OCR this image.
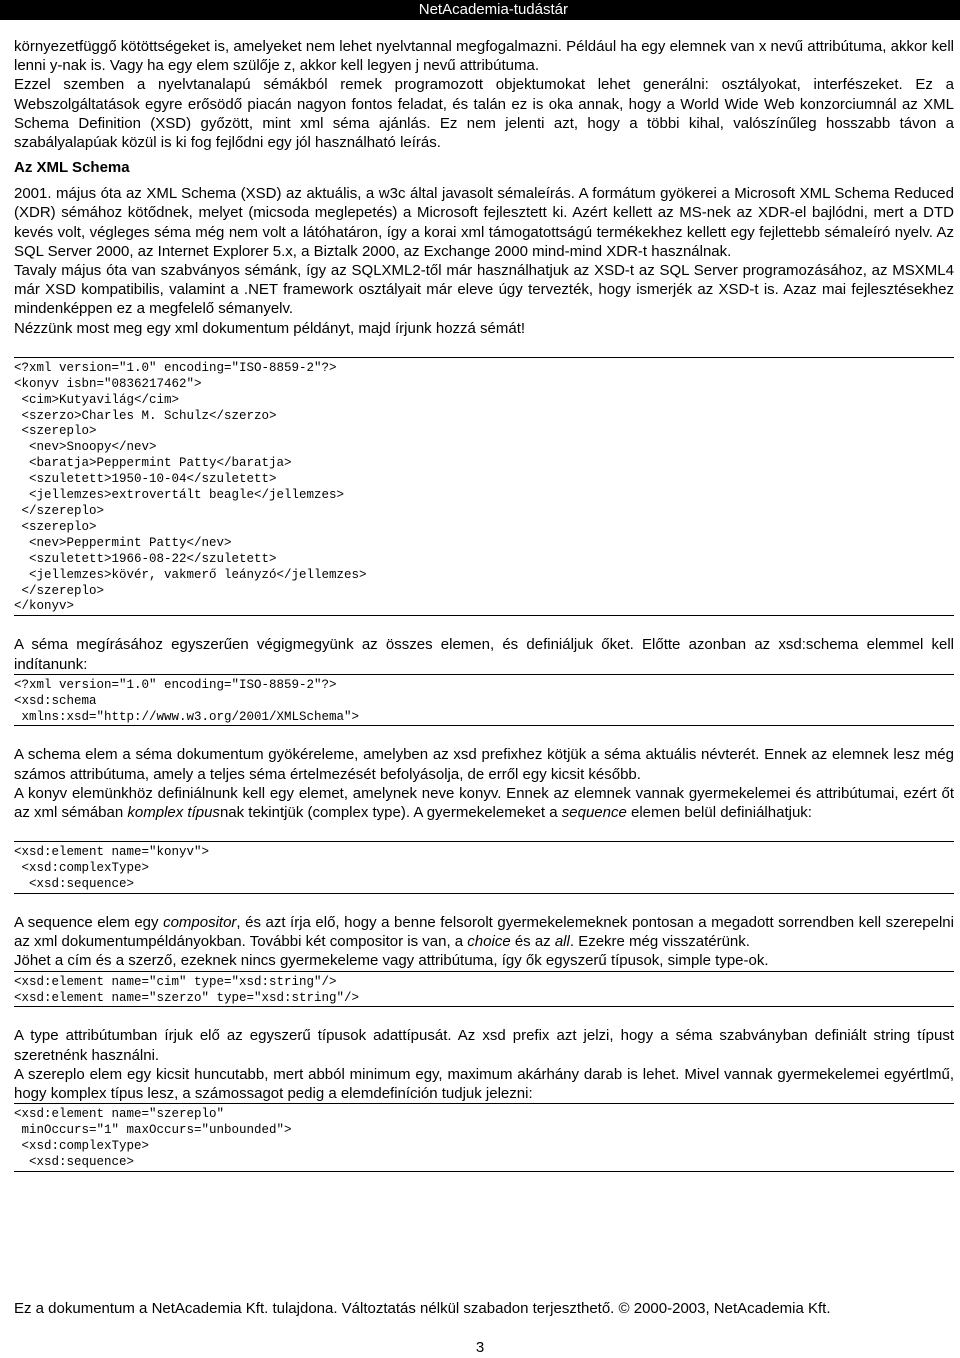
NetAcademia-tudástár

környezetfüggő kötöttségeket is, amelyeket nem lehet nyelvtannal megfogalmazni. Például ha egy elemnek van x nevű attribútuma, akkor kell lenni y-nak is. Vagy ha egy elem szülője z, akkor kell legyen j nevű attribútuma.

Ezzel szemben a nyelvtanalapú sémákból remek programozott objektumokat lehet generálni: osztályokat, interfészeket. Ez a Webszolgáltatások egyre erősödő piacán nagyon fontos feladat, és talán ez is oka annak, hogy a World Wide Web konzorciumnál az XML Schema Definition (XSD) győzött, mint xml séma ajánlás. Ez nem jelenti azt, hogy a többi kihal, valószínűleg hosszabb távon a szabályalapúak közül is ki fog fejlődni egy jól használható leírás.

Az XML Schema

2001. május óta az XML Schema (XSD) az aktuális, a w3c által javasolt sémaleírás. A formátum gyökerei a Microsoft XML Schema Reduced (XDR) sémához kötődnek, melyet (micsoda meglepetés) a Microsoft fejlesztett ki. Azért kellett az MS-nek az XDR-el bajlódni, mert a DTD kevés volt, végleges séma még nem volt a látóhatáron, így a korai xml támogatottságú termékekhez kellett egy fejlettebb sémaleíró nyelv. Az SQL Server 2000, az Internet Explorer 5.x, a Biztalk 2000, az Exchange 2000 mind-mind XDR-t használnak.

Tavaly május óta van szabványos sémánk, így az SQLXML2-től már használhatjuk az XSD-t az SQL Server programozásához, az MSXML4 már XSD kompatibilis, valamint a .NET framework osztályait már eleve úgy tervezték, hogy ismerjék az XSD-t is. Azaz mai fejlesztésekhez mindenképpen ez a megfelelő sémanyelv.

Nézzünk most meg egy xml dokumentum példányt, majd írjunk hozzá sémát!

<?xml version="1.0" encoding="ISO-8859-2"?>
<konyv isbn="0836217462">
<cim>Kutyavilág</cim>
<szerzo>Charles M. Schulz</szerzo>
<szereplo>
<nev>Snoopy</nev>
<baratja>Peppermint Patty</baratja>
<szuletett>1950-10-04</szuletett>
<jellemzes>extrovertált beagle</jellemzes>
</szereplo>
<szereplo>
<nev>Peppermint Patty</nev>
<szuletett>1966-08-22</szuletett>
<jellemzes>kövér, vakmerő leányzó</jellemzes>
</szereplo>
</konyv>

A séma megírásához egyszerűen végigmegyünk az összes elemen, és definiáljuk őket. Előtte azonban az xsd:schema elemmel kell indítanunk:

<?xml version="1.0" encoding="ISO-8859-2"?>
<xsd:schema
xmlns:xsd="http://www.w3.org/2001/XMLSchema">

A schema elem a séma dokumentum gyökéreleme, amelyben az xsd prefixhez kötjük a séma aktuális névterét. Ennek az elemnek lesz még számos attribútuma, amely a teljes séma értelmezését befolyásolja, de erről egy kicsit később.

A konyv elemünkhöz definiálnunk kell egy elemet, amelynek neve konyv. Ennek az elemnek vannak gyermekelemei és attribútumai, ezért őt az xml sémában komplex típusnak tekintjük (complex type). A gyermekelemeket a sequence elemen belül definiálhatjuk:

<xsd:element name="konyv">
<xsd:complexType>
<xsd:sequence>

A sequence elem egy compositor, és azt írja elő, hogy a benne felsorolt gyermekelemeknek pontosan a megadott sorrendben kell szerepelni az xml dokumentumpéldányokban. További két compositor is van, a choice és az all. Ezekre még visszatérünk.

Jöhet a cím és a szerző, ezeknek nincs gyermekeleme vagy attribútuma, így ők egyszerű típusok, simple type-ok.

<xsd:element name="cim" type="xsd:string"/>
<xsd:element name="szerzo" type="xsd:string"/>

A type attribútumban írjuk elő az egyszerű típusok adattípusát. Az xsd prefix azt jelzi, hogy a séma szabványban definiált string típust szeretnénk használni.

A szereplo elem egy kicsit huncutabb, mert abból minimum egy, maximum akárhány darab is lehet. Mivel vannak gyermekelemei egyértlmű, hogy komplex típus lesz, a számossagot pedig a elemdefiníción tudjuk jelezni:

<xsd:element name="szereplo"
minOccurs="1" maxOccurs="unbounded">
<xsd:complexType>
<xsd:sequence>
Ez a dokumentum a NetAcademia Kft. tulajdona. Változtatás nélkül szabadon terjeszthető. © 2000-2003, NetAcademia Kft.
3
